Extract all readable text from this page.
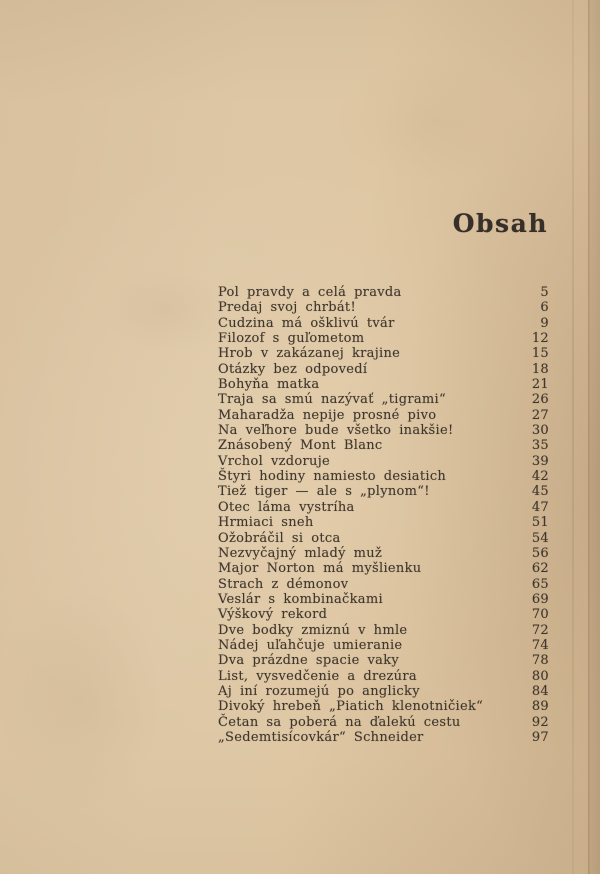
Obsah
Pol pravdy a celá pravda	5
Predaj svoj chrbát!	6
Cudzina má ošklivú tvár	9
Filozof s guľometom	12
Hrob v zakázanej krajine	15
Otázky bez odpovedí	18
Bohyňa matka	21
Traja sa smú nazývať „tigrami“	26
Maharadža nepije prosné pivo	27
Na veľhore bude všetko inakšie!	30
Znásobený Mont Blanc	35
Vrchol vzdoruje	39
Štyri hodiny namiesto desiatich	42
Tiež tiger — ale s „plynom“!	45
Otec láma vystríha	47
Hrmiaci sneh	51
Ožobráčil si otca	54
Nezvyčajný mladý muž	56
Major Norton má myšlienku	62
Strach z démonov	65
Veslár s kombinačkami	69
Výškový rekord	70
Dve bodky zmiznú v hmle	72
Nádej uľahčuje umieranie	74
Dva prázdne spacie vaky	78
List, vysvedčenie a drezúra	80
Aj iní rozumejú po anglicky	84
Divoký hrebeň „Piatich klenotničiek“	89
Četan sa poberá na ďalekú cestu	92
„Sedemtisícovkár“ Schneider	97
